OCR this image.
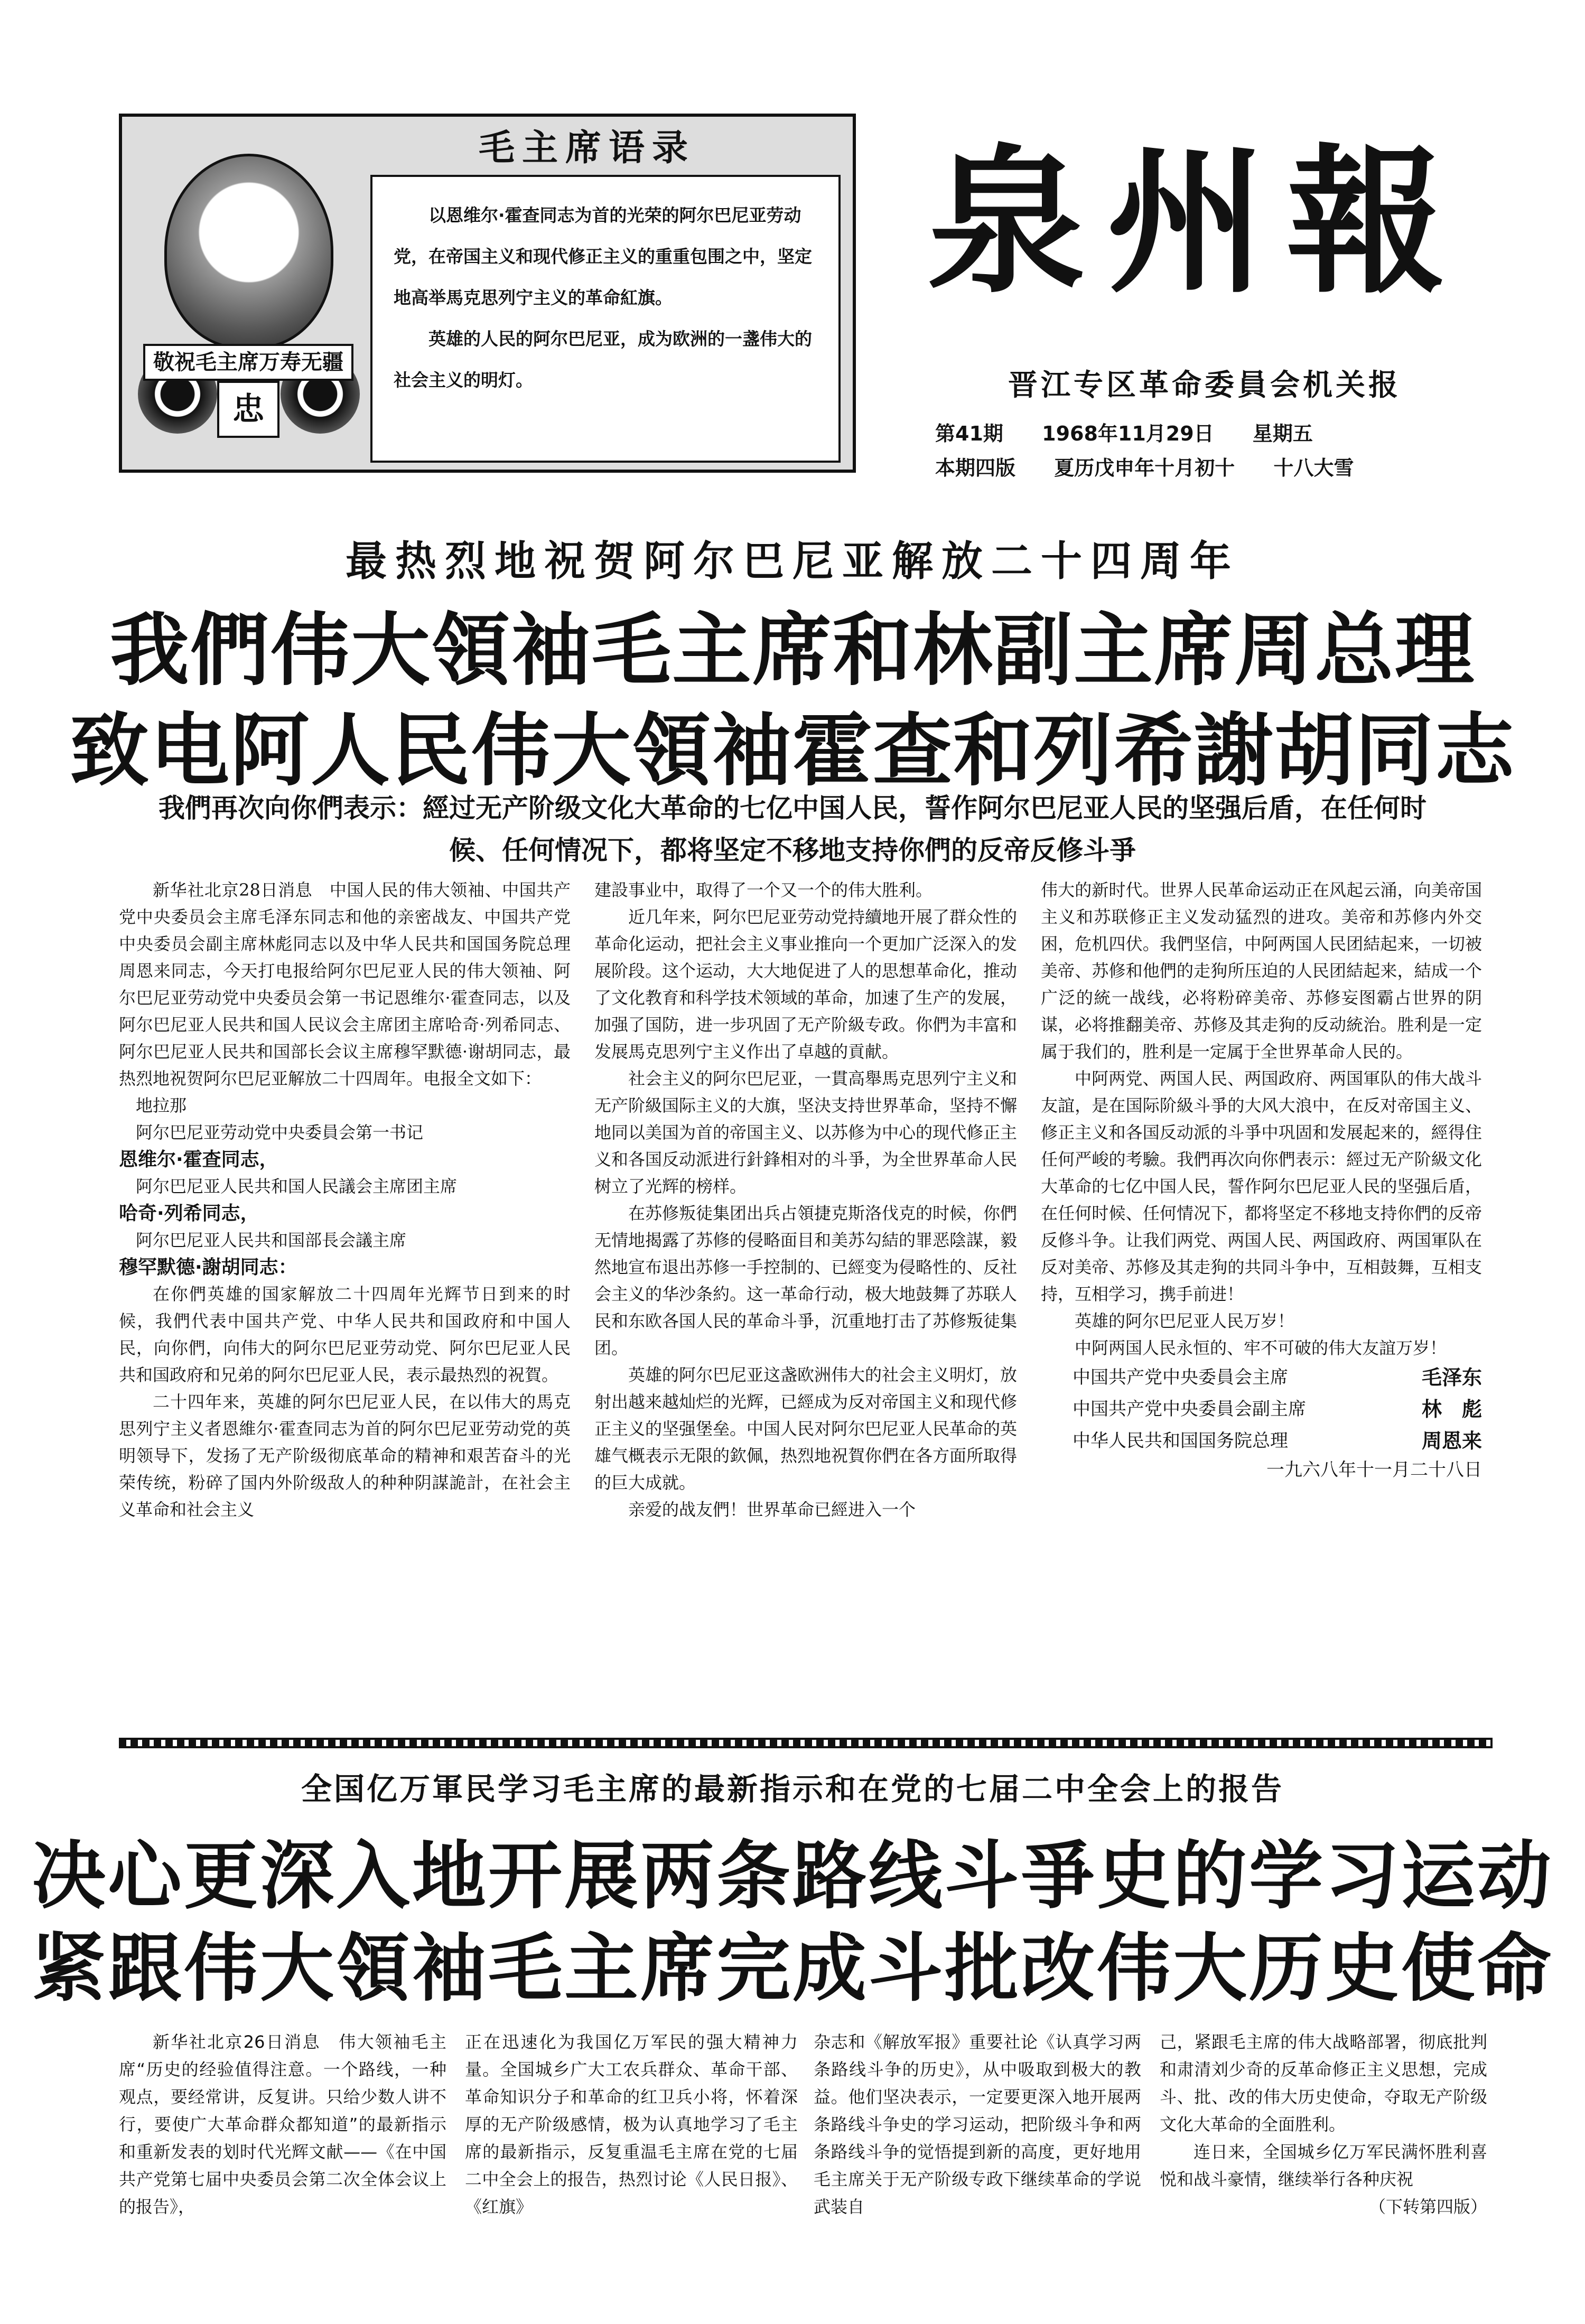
敬祝毛主席万寿无疆
忠
毛主席语录

以恩维尔·霍查同志为首的光荣的阿尔巴尼亚劳动党，在帝国主义和现代修正主义的重重包围之中，坚定地高举馬克思列宁主义的革命紅旗。

英雄的人民的阿尔巴尼亚，成为欧洲的一盞伟大的社会主义的明灯。

泉州報
晋江专区革命委員会机关报
第41期 1968年11月29日 星期五
本期四版 夏历戊申年十月初十 十八大雪
最热烈地祝贺阿尔巴尼亚解放二十四周年
我們伟大領袖毛主席和林副主席周总理
致电阿人民伟大領袖霍查和列希謝胡同志
我們再次向你們表示：經过无产阶级文化大革命的七亿中国人民，誓作阿尔巴尼亚人民的坚强后盾，在任何时候、任何情况下，都将坚定不移地支持你們的反帝反修斗爭

新华社北京28日消息　中国人民的伟大领袖、中国共产党中央委员会主席毛泽东同志和他的亲密战友、中国共产党中央委员会副主席林彪同志以及中华人民共和国国务院总理周恩来同志，今天打电报给阿尔巴尼亚人民的伟大领袖、阿尔巴尼亚劳动党中央委员会第一书记恩维尔·霍查同志，以及阿尔巴尼亚人民共和国人民议会主席团主席哈奇·列希同志、阿尔巴尼亚人民共和国部长会议主席穆罕默德·谢胡同志，最热烈地祝贺阿尔巴尼亚解放二十四周年。电报全文如下：

地拉那

阿尔巴尼亚劳动党中央委員会第一书记

恩维尔·霍查同志，

阿尔巴尼亚人民共和国人民議会主席团主席

哈奇·列希同志，

阿尔巴尼亚人民共和国部長会議主席

穆罕默德·謝胡同志：

在你們英雄的国家解放二十四周年光辉节日到来的时候，我們代表中国共产党、中华人民共和国政府和中国人民，向你們，向伟大的阿尔巴尼亚劳动党、阿尔巴尼亚人民共和国政府和兄弟的阿尔巴尼亚人民，表示最热烈的祝賀。

二十四年来，英雄的阿尔巴尼亚人民，在以伟大的馬克思列宁主义者恩維尔·霍查同志为首的阿尔巴尼亚劳动党的英明领导下，发扬了无产阶级彻底革命的精神和艰苦奋斗的光荣传统，粉碎了国内外阶级敌人的种种阴謀詭計，在社会主义革命和社会主义

建設事业中，取得了一个又一个的伟大胜利。

近几年来，阿尔巴尼亚劳动党持續地开展了群众性的革命化运动，把社会主义事业推向一个更加广泛深入的发展阶段。这个运动，大大地促进了人的思想革命化，推动了文化教育和科学技术领域的革命，加速了生产的发展，加强了国防，进一步巩固了无产阶級专政。你們为丰富和发展馬克思列宁主义作出了卓越的貢献。

社会主义的阿尔巴尼亚，一貫高舉馬克思列宁主义和无产阶級国际主义的大旗，坚決支持世界革命，坚持不懈地同以美国为首的帝国主义、以苏修为中心的现代修正主义和各国反动派进行針鋒相对的斗爭，为全世界革命人民树立了光辉的榜样。

在苏修叛徒集团出兵占領捷克斯洛伐克的时候，你們无情地揭露了苏修的侵略面目和美苏勾結的罪恶陰謀，毅然地宣布退出苏修一手控制的、已經变为侵略性的、反社会主义的华沙条約。这一革命行动，极大地鼓舞了苏联人民和东欧各国人民的革命斗爭，沉重地打击了苏修叛徒集团。

英雄的阿尔巴尼亚这盏欧洲伟大的社会主义明灯，放射出越来越灿烂的光辉，已經成为反对帝国主义和现代修正主义的坚强堡垒。中国人民对阿尔巴尼亚人民革命的英雄气概表示无限的欽佩，热烈地祝賀你們在各方面所取得的巨大成就。

亲爱的战友們！世界革命已經进入一个

伟大的新时代。世界人民革命运动正在风起云涌，向美帝国主义和苏联修正主义发动猛烈的进攻。美帝和苏修内外交困，危机四伏。我們坚信，中阿两国人民团結起来，一切被美帝、苏修和他們的走狗所压迫的人民团結起来，結成一个广泛的統一战线，必将粉碎美帝、苏修妄图霸占世界的阴谋，必将推翻美帝、苏修及其走狗的反动統治。胜利是一定属于我们的，胜利是一定属于全世界革命人民的。

中阿两党、两国人民、两国政府、两国軍队的伟大战斗友誼，是在国际阶級斗爭的大风大浪中，在反对帝国主义、修正主义和各国反动派的斗爭中巩固和发展起来的，經得住任何严峻的考驗。我們再次向你們表示：經过无产阶級文化大革命的七亿中国人民，誓作阿尔巴尼亚人民的坚强后盾，在任何时候、任何情况下，都将坚定不移地支持你們的反帝反修斗争。让我们两党、两国人民、两国政府、两国軍队在反对美帝、苏修及其走狗的共同斗争中，互相鼓舞，互相支持，互相学习，携手前进！

英雄的阿尔巴尼亚人民万岁！

中阿两国人民永恒的、牢不可破的伟大友誼万岁！

中国共产党中央委員会主席	毛泽东
中国共产党中央委員会副主席	林　彪
中华人民共和国国务院总理	周恩来
一九六八年十一月二十八日
全国亿万軍民学习毛主席的最新指示和在党的七届二中全会上的报告
决心更深入地开展两条路线斗爭史的学习运动
紧跟伟大領袖毛主席完成斗批改伟大历史使命

新华社北京26日消息　伟大领袖毛主席“历史的经验值得注意。一个路线，一种观点，要经常讲，反复讲。只给少数人讲不行，要使广大革命群众都知道”的最新指示和重新发表的划时代光辉文献——《在中国共产党第七届中央委员会第二次全体会议上的报告》，

正在迅速化为我国亿万军民的强大精神力量。全国城乡广大工农兵群众、革命干部、革命知识分子和革命的红卫兵小将，怀着深厚的无产阶级感情，极为认真地学习了毛主席的最新指示，反复重温毛主席在党的七届二中全会上的报告，热烈讨论《人民日报》、《红旗》

杂志和《解放军报》重要社论《认真学习两条路线斗争的历史》，从中吸取到极大的教益。他们坚决表示，一定要更深入地开展两条路线斗争史的学习运动，把阶级斗争和两条路线斗争的觉悟提到新的高度，更好地用毛主席关于无产阶级专政下继续革命的学说武装自

己，紧跟毛主席的伟大战略部署，彻底批判和肃清刘少奇的反革命修正主义思想，完成斗、批、改的伟大历史使命，夺取无产阶级文化大革命的全面胜利。

连日来，全国城乡亿万军民满怀胜利喜悦和战斗豪情，继续举行各种庆祝

（下转第四版）
